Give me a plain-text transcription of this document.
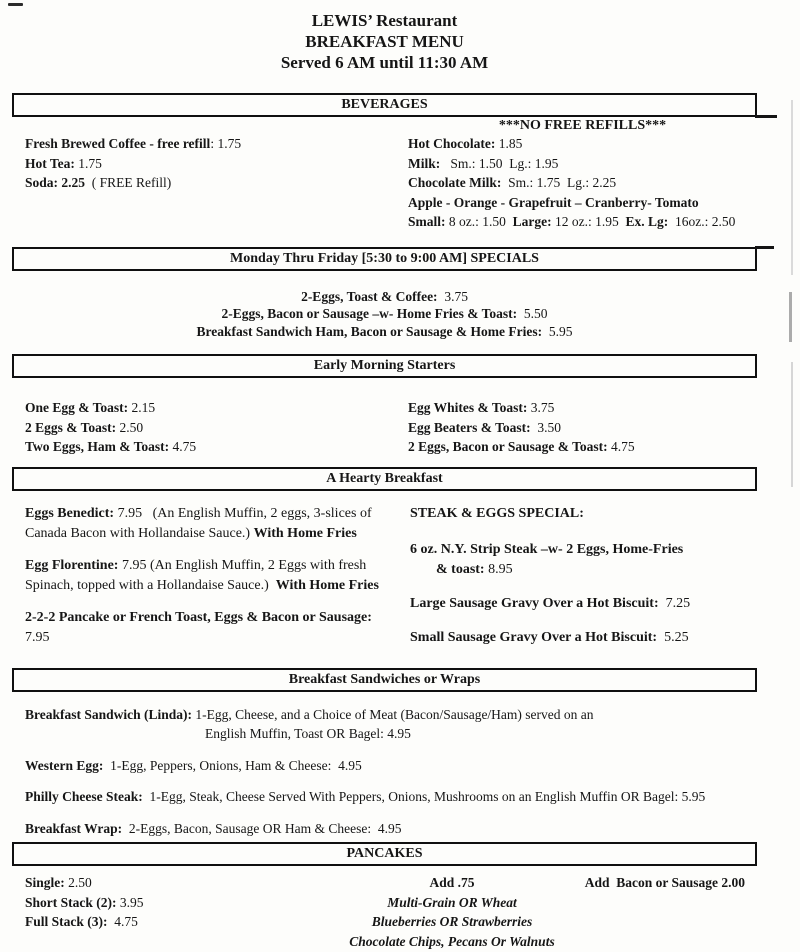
LEWIS’ Restaurant
BREAKFAST MENU
Served 6 AM until 11:30 AM
BEVERAGES
Fresh Brewed Coffee - free refill: 1.75
Hot Tea: 1.75
Soda: 2.25  ( FREE Refill)
***NO FREE REFILLS***
Hot Chocolate: 1.85
Milk:   Sm.: 1.50  Lg.: 1.95
Chocolate Milk:  Sm.: 1.75  Lg.: 2.25
Apple - Orange - Grapefruit – Cranberry- Tomato
Small: 8 oz.: 1.50  Large: 12 oz.: 1.95  Ex. Lg:  16oz.: 2.50
Monday Thru Friday [5:30 to 9:00 AM] SPECIALS
2-Eggs, Toast & Coffee:  3.75
2-Eggs, Bacon or Sausage –w- Home Fries & Toast:  5.50
Breakfast Sandwich Ham, Bacon or Sausage & Home Fries:  5.95
Early Morning Starters
One Egg & Toast: 2.15
2 Eggs & Toast: 2.50
Two Eggs, Ham & Toast: 4.75
Egg Whites & Toast: 3.75
Egg Beaters & Toast:  3.50
2 Eggs, Bacon or Sausage & Toast: 4.75
A Hearty Breakfast
Eggs Benedict: 7.95   (An English Muffin, 2 eggs, 3-slices of Canada Bacon with Hollandaise Sauce.) With Home Fries
Egg Florentine: 7.95 (An English Muffin, 2 Eggs with fresh Spinach, topped with a Hollandaise Sauce.)  With Home Fries
2-2-2 Pancake or French Toast, Eggs & Bacon or Sausage: 7.95
STEAK & EGGS SPECIAL:
6 oz. N.Y. Strip Steak –w- 2 Eggs, Home-Fries
& toast: 8.95
Large Sausage Gravy Over a Hot Biscuit:  7.25
Small Sausage Gravy Over a Hot Biscuit:  5.25
Breakfast Sandwiches or Wraps
Breakfast Sandwich (Linda): 1-Egg, Cheese, and a Choice of Meat (Bacon/Sausage/Ham) served on an
English Muffin, Toast OR Bagel: 4.95
Western Egg:  1-Egg, Peppers, Onions, Ham & Cheese:  4.95
Philly Cheese Steak:  1-Egg, Steak, Cheese Served With Peppers, Onions, Mushrooms on an English Muffin OR Bagel: 5.95
Breakfast Wrap:  2-Eggs, Bacon, Sausage OR Ham & Cheese:  4.95
PANCAKES
Single: 2.50
Short Stack (2): 3.95
Full Stack (3):  4.75
Add .75
Multi-Grain OR Wheat
Blueberries OR Strawberries
Chocolate Chips, Pecans Or Walnuts
Add  Bacon or Sausage 2.00
